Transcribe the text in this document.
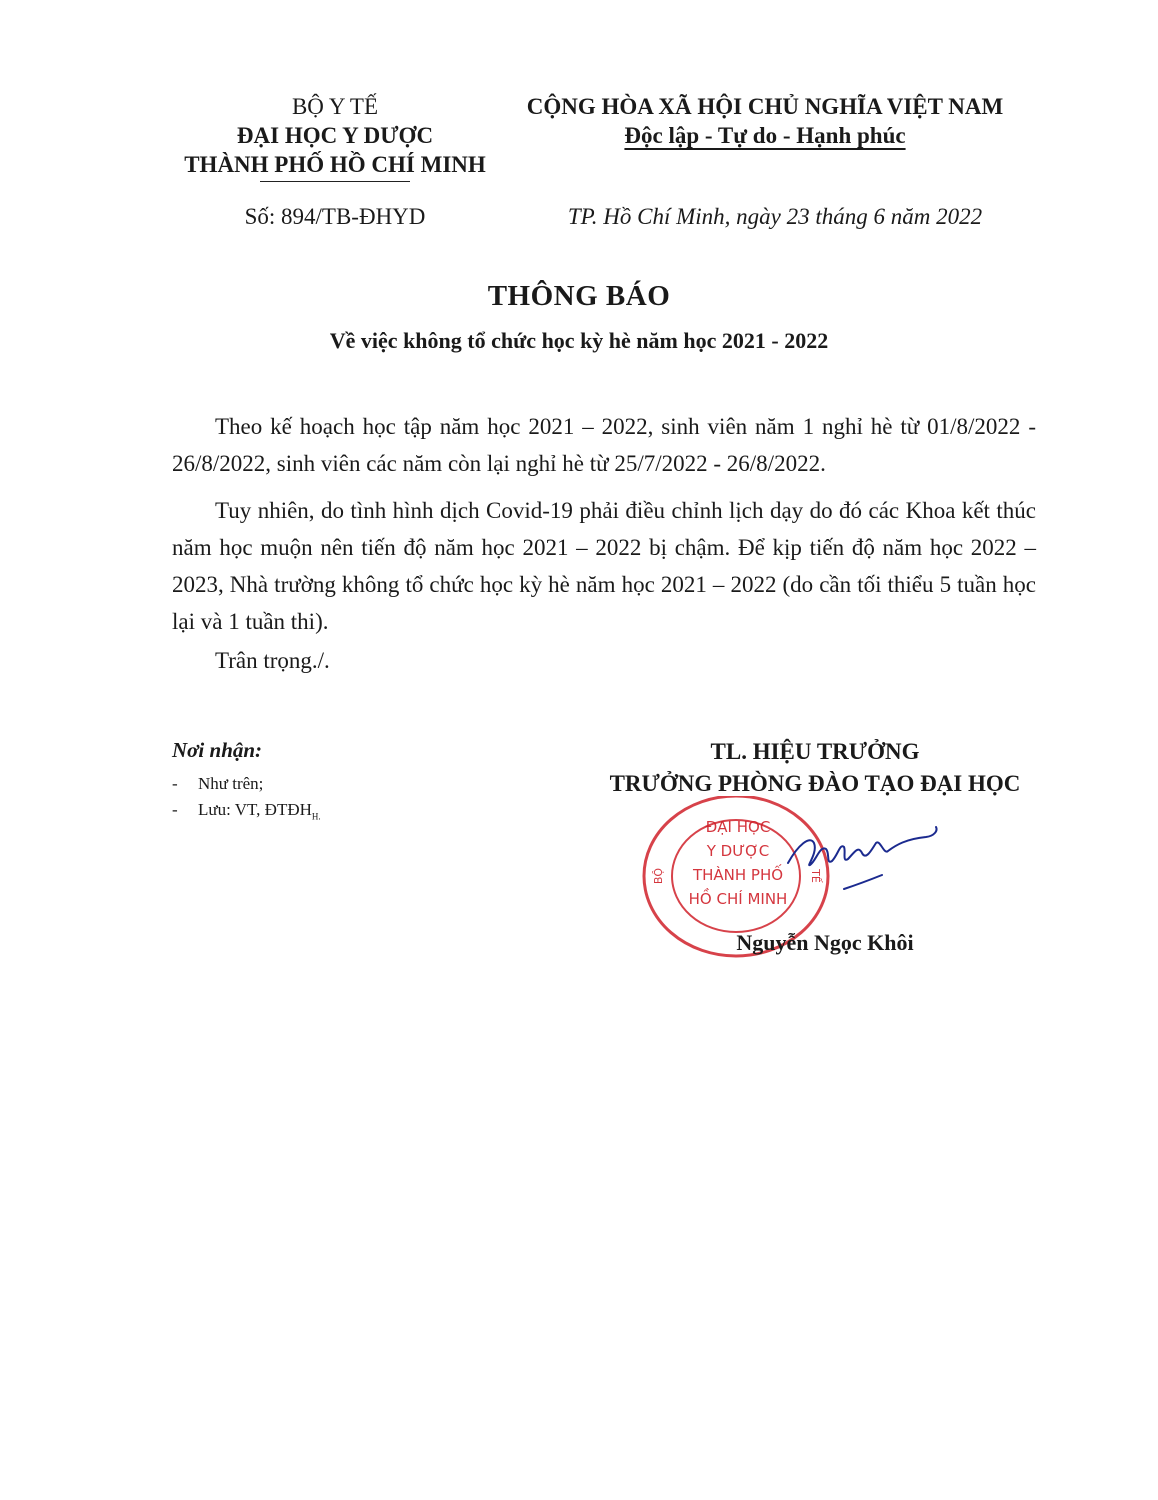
BỘ Y TẾ
ĐẠI HỌC Y DƯỢC
THÀNH PHỐ HỒ CHÍ MINH
CỘNG HÒA XÃ HỘI CHỦ NGHĨA VIỆT NAM
Độc lập - Tự do - Hạnh phúc
Số: 894/TB-ĐHYD	TP. Hồ Chí Minh, ngày 23 tháng 6 năm 2022
THÔNG BÁO
Về việc không tổ chức học kỳ hè năm học 2021 - 2022

Theo kế hoạch học tập năm học 2021 – 2022, sinh viên năm 1 nghỉ hè từ 01/8/2022 - 26/8/2022, sinh viên các năm còn lại nghỉ hè từ 25/7/2022 - 26/8/2022.

Tuy nhiên, do tình hình dịch Covid-19 phải điều chỉnh lịch dạy do đó các Khoa kết thúc năm học muộn nên tiến độ năm học 2021 – 2022 bị chậm. Để kịp tiến độ năm học 2022 – 2023, Nhà trường không tổ chức học kỳ hè năm học 2021 – 2022 (do cần tối thiểu 5 tuần học lại và 1 tuần thi).

Trân trọng./.

Nơi nhận:
- Như trên;
- Lưu: VT, $ĐTĐH_{H.}$
TL. HIỆU TRƯỞNG
TRƯỞNG PHÒNG ĐÀO TẠO ĐẠI HỌC
ĐẠI HỌC
Y DƯỢC
THÀNH PHỐ
HỒ CHÍ MINH
BỘ	TẾ
Nguyễn Ngọc Khôi
